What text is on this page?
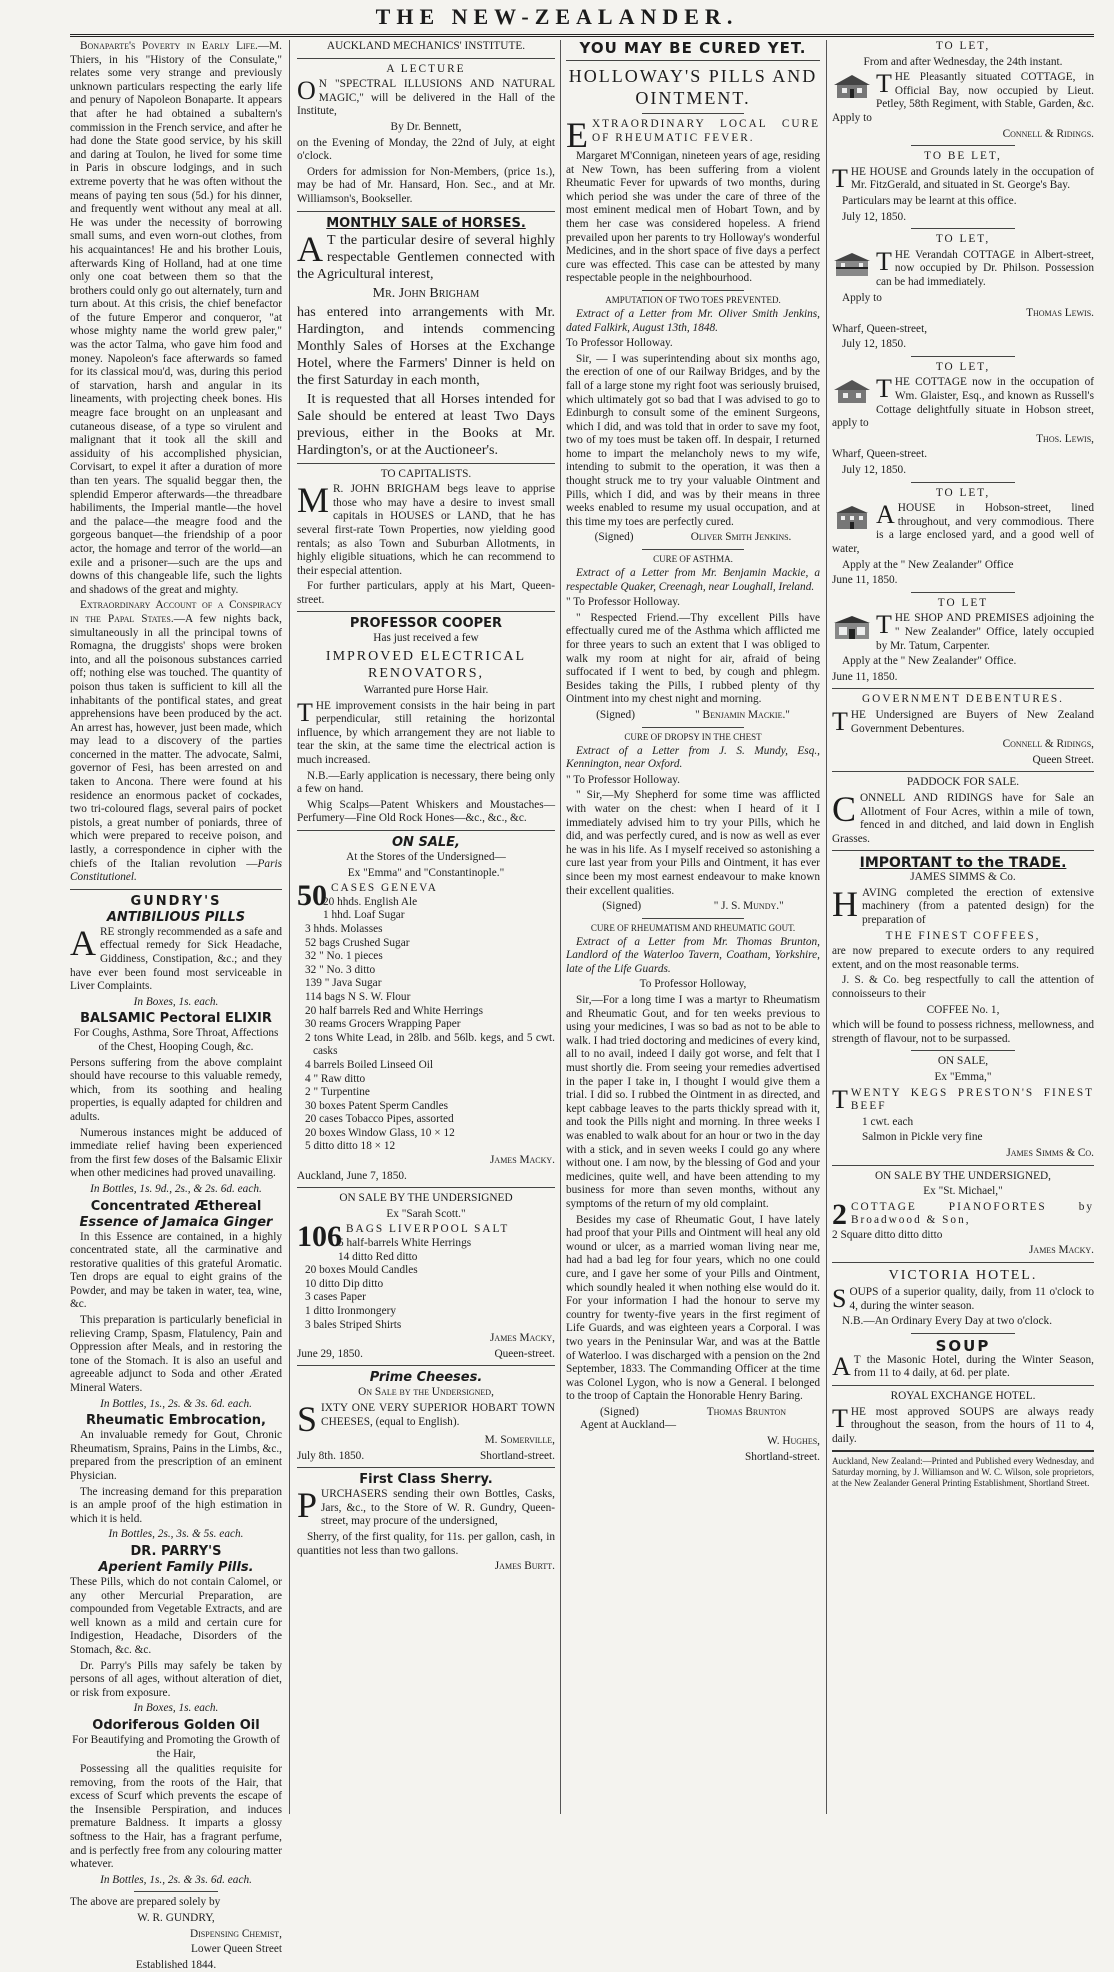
THE NEW-ZEALANDER.

Bonaparte's Poverty in Early Life.—M. Thiers, in his "History of the Consulate," relates some very strange and previously unknown particulars respecting the early life and penury of Napoleon Bonaparte. It appears that after he had obtained a subaltern's commission in the French service, and after he had done the State good service, by his skill and daring at Toulon, he lived for some time in Paris in obscure lodgings, and in such extreme poverty that he was often without the means of paying ten sous (5d.) for his dinner, and frequently went without any meal at all. He was under the necessity of borrowing small sums, and even worn-out clothes, from his acquaintances! He and his brother Louis, afterwards King of Holland, had at one time only one coat between them so that the brothers could only go out alternately, turn and turn about. At this crisis, the chief benefactor of the future Emperor and conqueror, "at whose mighty name the world grew paler," was the actor Talma, who gave him food and money. Napoleon's face afterwards so famed for its classical mou'd, was, during this period of starvation, harsh and angular in its lineaments, with projecting cheek bones. His meagre face brought on an unpleasant and cutaneous disease, of a type so virulent and malignant that it took all the skill and assiduity of his accomplished physician, Corvisart, to expel it after a duration of more than ten years. The squalid beggar then, the splendid Emperor afterwards—the threadbare habiliments, the Imperial mantle—the hovel and the palace—the meagre food and the gorgeous banquet—the friendship of a poor actor, the homage and terror of the world—an exile and a prisoner—such are the ups and downs of this changeable life, such the lights and shadows of the great and mighty.

Extraordinary Account of a Conspiracy in the Papal States.—A few nights back, simultaneously in all the principal towns of Romagna, the druggists' shops were broken into, and all the poisonous substances carried off; nothing else was touched. The quantity of poison thus taken is sufficient to kill all the inhabitants of the pontifical states, and great apprehensions have been produced by the act. An arrest has, however, just been made, which may lead to a discovery of the parties concerned in the matter. The advocate, Salmi, governor of Fesi, has been arrested on and taken to Ancona. There were found at his residence an enormous packet of cockades, two tri-coloured flags, several pairs of pocket pistols, a great number of poniards, three of which were prepared to receive poison, and lastly, a correspondence in cipher with the chiefs of the Italian revolution —Paris Constitutionel.

GUNDRY'S
ANTIBILIOUS PILLS

ARE strongly recommended as a safe and effectual remedy for Sick Headache, Giddiness, Constipation, &c.; and they have ever been found most serviceable in Liver Complaints.

In Boxes, 1s. each.

BALSAMIC Pectoral ELIXIR

For Coughs, Asthma, Sore Throat, Affections of the Chest, Hooping Cough, &c.

Persons suffering from the above complaint should have recourse to this valuable remedy, which, from its soothing and healing properties, is equally adapted for children and adults.

Numerous instances might be adduced of immediate relief having been experienced from the first few doses of the Balsamic Elixir when other medicines had proved unavailing.

In Bottles, 1s. 9d., 2s., & 2s. 6d. each.

Concentrated Æthereal
Essence of Jamaica Ginger

In this Essence are contained, in a highly concentrated state, all the carminative and restorative qualities of this grateful Aromatic. Ten drops are equal to eight grains of the Powder, and may be taken in water, tea, wine, &c.

This preparation is particularly beneficial in relieving Cramp, Spasm, Flatulency, Pain and Oppression after Meals, and in restoring the tone of the Stomach. It is also an useful and agreeable adjunct to Soda and other Ærated Mineral Waters.

In Bottles, 1s., 2s. & 3s. 6d. each.

Rheumatic Embrocation,

An invaluable remedy for Gout, Chronic Rheumatism, Sprains, Pains in the Limbs, &c., prepared from the prescription of an eminent Physician.

The increasing demand for this preparation is an ample proof of the high estimation in which it is held.

In Bottles, 2s., 3s. & 5s. each.

DR. PARRY'S
Aperient Family Pills.

These Pills, which do not contain Calomel, or any other Mercurial Preparation, are compounded from Vegetable Extracts, and are well known as a mild and certain cure for Indigestion, Headache, Disorders of the Stomach, &c. &c.

Dr. Parry's Pills may safely be taken by persons of all ages, without alteration of diet, or risk from exposure.

In Boxes, 1s. each.

Odoriferous Golden Oil

For Beautifying and Promoting the Growth of the Hair,

Possessing all the qualities requisite for removing, from the roots of the Hair, that excess of Scurf which prevents the escape of the Insensible Perspiration, and induces premature Baldness. It imparts a glossy softness to the Hair, has a fragrant perfume, and is perfectly free from any colouring matter whatever.

In Bottles, 1s., 2s. & 3s. 6d. each.

The above are prepared solely by

W. R. GUNDRY,

Dispensing Chemist,

Lower Queen Street

Established 1844.

AUCKLAND MECHANICS' INSTITUTE.

A LECTURE

O N "SPECTRAL ILLUSIONS AND NATURAL MAGIC," will be delivered in the Hall of the Institute,

By Dr. Bennett,

on the Evening of Monday, the 22nd of July, at eight o'clock.

Orders for admission for Non-Members, (price 1s.), may be had of Mr. Hansard, Hon. Sec., and at Mr. Williamson's, Bookseller.

MONTHLY SALE of HORSES.

A T the particular desire of several highly respectable Gentlemen connected with the Agricultural interest,

Mr. John Brigham

has entered into arrangements with Mr. Hardington, and intends commencing Monthly Sales of Horses at the Exchange Hotel, where the Farmers' Dinner is held on the first Saturday in each month,

It is requested that all Horses intended for Sale should be entered at least Two Days previous, either in the Books at Mr. Hardington's, or at the Auctioneer's.

TO CAPITALISTS.

M R. JOHN BRIGHAM begs leave to apprise those who may have a desire to invest small capitals in HOUSES or LAND, that he has several first-rate Town Properties, now yielding good rentals; as also Town and Suburban Allotments, in highly eligible situations, which he can recommend to their especial attention.

For further particulars, apply at his Mart, Queen-street.

PROFESSOR COOPER

Has just received a few

IMPROVED ELECTRICAL RENOVATORS,

Warranted pure Horse Hair.

THE improvement consists in the hair being in part perpendicular, still retaining the horizontal influence, by which arrangement they are not liable to tear the skin, at the same time the electrical action is much increased.

N.B.—Early application is necessary, there being only a few on hand.

Whig Scalps—Patent Whiskers and Moustaches—Perfumery—Fine Old Rock Hones—&c., &c., &c.

ON SALE,

At the Stores of the Undersigned—

Ex "Emma" and "Constantinople."

50 CASES GENEVA
20 hhds. English Ale
1 hhd. Loaf Sugar
3 hhds. Molasses
52 bags Crushed Sugar
32 " No. 1 pieces
32 " No. 3 ditto
139 " Java Sugar
114 bags N S. W. Flour
20 half barrels Red and White Herrings
30 reams Grocers Wrapping Paper
2 tons White Lead, in 28lb. and 56lb. kegs, and 5 cwt. casks
4 barrels Boiled Linseed Oil
4 " Raw ditto
2 " Turpentine
30 boxes Patent Sperm Candles
20 cases Tobacco Pipes, assorted
20 boxes Window Glass, 10 × 12
5 ditto ditto 18 × 12

James Macky.

Auckland, June 7, 1850.

ON SALE BY THE UNDERSIGNED

Ex "Sarah Scott."

106 BAGS LIVERPOOL SALT
5 half-barrels White Herrings
14 ditto Red ditto
20 boxes Mould Candles
10 ditto Dip ditto
3 cases Paper
1 ditto Ironmongery
3 bales Striped Shirts

James Macky,

June 29, 1850.	Queen-street.
Prime Cheeses.

On Sale by the Undersigned,

SIXTY ONE VERY SUPERIOR HOBART TOWN CHEESES, (equal to English).

M. Somerville,

July 8th. 1850.	Shortland-street.
First Class Sherry.

PURCHASERS sending their own Bottles, Casks, Jars, &c., to the Store of W. R. Gundry, Queen-street, may procure of the undersigned,

Sherry, of the first quality, for 11s. per gallon, cash, in quantities not less than two gallons.

James Burtt.

YOU MAY BE CURED YET.

HOLLOWAY'S PILLS AND OINTMENT.

EXTRAORDINARY LOCAL CURE OF RHEUMATIC FEVER.

Margaret M'Connigan, nineteen years of age, residing at New Town, has been suffering from a violent Rheumatic Fever for upwards of two months, during which period she was under the care of three of the most eminent medical men of Hobart Town, and by them her case was considered hopeless. A friend prevailed upon her parents to try Holloway's wonderful Medicines, and in the short space of five days a perfect cure was effected. This case can be attested by many respectable people in the neighbourhood.

AMPUTATION OF TWO TOES PREVENTED.

Extract of a Letter from Mr. Oliver Smith Jenkins, dated Falkirk, August 13th, 1848.

To Professor Holloway.

Sir, — I was superintending about six months ago, the erection of one of our Railway Bridges, and by the fall of a large stone my right foot was seriously bruised, which ultimately got so bad that I was advised to go to Edinburgh to consult some of the eminent Surgeons, which I did, and was told that in order to save my foot, two of my toes must be taken off. In despair, I returned home to impart the melancholy news to my wife, intending to submit to the operation, it was then a thought struck me to try your valuable Ointment and Pills, which I did, and was by their means in three weeks enabled to resume my usual occupation, and at this time my toes are perfectly cured.

(Signed)	Oliver Smith Jenkins.

CURE OF ASTHMA.

Extract of a Letter from Mr. Benjamin Mackie, a respectable Quaker, Creenagh, near Loughall, Ireland.

" To Professor Holloway.

" Respected Friend.—Thy excellent Pills have effectually cured me of the Asthma which afflicted me for three years to such an extent that I was obliged to walk my room at night for air, afraid of being suffocated if I went to bed, by cough and phlegm. Besides taking the Pills, I rubbed plenty of thy Ointment into my chest night and morning.

(Signed)	" Benjamin Mackie."

CURE OF DROPSY IN THE CHEST

Extract of a Letter from J. S. Mundy, Esq., Kennington, near Oxford.

" To Professor Holloway.

" Sir,—My Shepherd for some time was afflicted with water on the chest: when I heard of it I immediately advised him to try your Pills, which he did, and was perfectly cured, and is now as well as ever he was in his life. As I myself received so astonishing a cure last year from your Pills and Ointment, it has ever since been my most earnest endeavour to make known their excellent qualities.

(Signed)	" J. S. Mundy."

CURE OF RHEUMATISM AND RHEUMATIC GOUT.

Extract of a Letter from Mr. Thomas Brunton, Landlord of the Waterloo Tavern, Coatham, Yorkshire, late of the Life Guards.

To Professor Holloway,

Sir,—For a long time I was a martyr to Rheumatism and Rheumatic Gout, and for ten weeks previous to using your medicines, I was so bad as not to be able to walk. I had tried doctoring and medicines of every kind, all to no avail, indeed I daily got worse, and felt that I must shortly die. From seeing your remedies advertised in the paper I take in, I thought I would give them a trial. I did so. I rubbed the Ointment in as directed, and kept cabbage leaves to the parts thickly spread with it, and took the Pills night and morning. In three weeks I was enabled to walk about for an hour or two in the day with a stick, and in seven weeks I could go any where without one. I am now, by the blessing of God and your medicines, quite well, and have been attending to my business for more than seven months, without any symptoms of the return of my old complaint.

Besides my case of Rheumatic Gout, I have lately had proof that your Pills and Ointment will heal any old wound or ulcer, as a married woman living near me, had had a bad leg for four years, which no one could cure, and I gave her some of your Pills and Ointment, which soundly healed it when nothing else would do it. For your information I had the honour to serve my country for twenty-five years in the first regiment of Life Guards, and was eighteen years a Corporal. I was two years in the Peninsular War, and was at the Battle of Waterloo. I was discharged with a pension on the 2nd September, 1833. The Commanding Officer at the time was Colonel Lygon, who is now a General. I belonged to the troop of Captain the Honorable Henry Baring.

(Signed)	Thomas Brunton

Agent at Auckland—

W. Hughes,

Shortland-street.

TO LET,

From and after Wednesday, the 24th instant.

THE Pleasantly situated COTTAGE, in Official Bay, now occupied by Lieut. Petley, 58th Regiment, with Stable, Garden, &c. Apply to

Connell & Ridings.

TO BE LET,

THE HOUSE and Grounds lately in the occupation of Mr. FitzGerald, and situated in St. George's Bay.

Particulars may be learnt at this office.

July 12, 1850.

TO LET,

THE Verandah COTTAGE in Albert-street, now occupied by Dr. Philson. Possession can be had immediately.

Apply to

Thomas Lewis.

Wharf, Queen-street,

July 12, 1850.

TO LET,

THE COTTAGE now in the occupation of Wm. Glaister, Esq., and known as Russell's Cottage delightfully situate in Hobson street, apply to

Thos. Lewis,

Wharf, Queen-street.

July 12, 1850.

TO LET,

AHOUSE in Hobson-street, lined throughout, and very commodious. There is a large enclosed yard, and a good well of water,

Apply at the " New Zealander" Office

June 11, 1850.

TO LET

THE SHOP AND PREMISES adjoining the " New Zealander" Office, lately occupied by Mr. Tatum, Carpenter.

Apply at the " New Zealander" Office.

June 11, 1850.

GOVERNMENT DEBENTURES.

THE Undersigned are Buyers of New Zealand Government Debentures.

Connell & Ridings,

Queen Street.

PADDOCK FOR SALE.

CONNELL AND RIDINGS have for Sale an Allotment of Four Acres, within a mile of town, fenced in and ditched, and laid down in English Grasses.

IMPORTANT to the TRADE.

JAMES SIMMS & Co.

HAVING completed the erection of extensive machinery (from a patented design) for the preparation of

THE FINEST COFFEES,

are now prepared to execute orders to any required extent, and on the most reasonable terms.

J. S. & Co. beg respectfully to call the attention of connoisseurs to their

COFFEE No. 1,

which will be found to possess richness, mellowness, and strength of flavour, not to be surpassed.

ON SALE,

Ex "Emma,"

TWENTY KEGS PRESTON'S FINEST BEEF

1 cwt. each

Salmon in Pickle very fine

James Simms & Co.

ON SALE BY THE UNDERSIGNED,

Ex "St. Michael,"

2 COTTAGE PIANOFORTES by Broadwood & Son,

2 Square ditto ditto ditto

James Macky.

VICTORIA HOTEL.

SOUPS of a superior quality, daily, from 11 o'clock to 4, during the winter season.

N.B.—An Ordinary Every Day at two o'clock.

SOUP

A T the Masonic Hotel, during the Winter Season, from 11 to 4 daily, at 6d. per plate.

ROYAL EXCHANGE HOTEL.

THE most approved SOUPS are always ready throughout the season, from the hours of 11 to 4, daily.

Auckland, New Zealand:—Printed and Published every Wednesday, and Saturday morning, by J. Williamson and W. C. Wilson, sole proprietors, at the New Zealander General Printing Establishment, Shortland Street.
